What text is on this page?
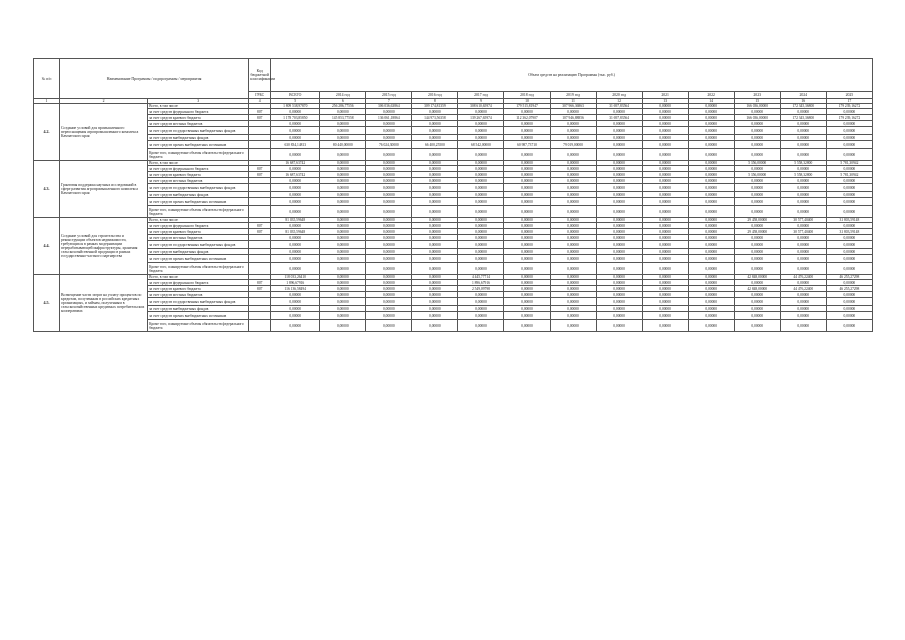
№ п/п	Наименование Программы / подпрограммы / мероприятия		Код бюджетной классификации	Объем средств на реализацию Программы (тыс. руб.)												
			ГРБС	ВСЕГО	2014 год	2015 год	2016 год	2017 год	2018 год	2019 год	2020 год	2021	2022	2023	2024	2025
1	2	3	4	5	6	7	8	9	10	11	12	13	14	15	16	17
4.2.	Создание условий для промышленного переоснащения агропромышленного комплекса Камчатского края	Всего, в том числе:		1 809 538,97870	256 286,77556	306 036,63864	309 174,81359	308 610,65974	179 515,81947	307 966,36863	31 697,83564	0,00000	0,00000	166 036,00000	172 345,36800	179 239,16272
		за счет средств федерального бюджета	807	0,00000	0,00000	0,00000	0,00000	0,00000	0,00000	0,00000	0,00000	0,00000	0,00000	0,00000	0,00000	0,00000
		за счет средств краевого бюджета	807	1 178 703,85850	145 853,77558	136 061,18864	144 973,56358	139 267,65974	112 362,07907	107 946,88856	31 697,83564	0,00000	0,00000	166 036,00000	172 345,36800	179 239,16272
		за счет средств местных бюджетов		0,00000	0,00000	0,00000	0,00000	0,00000	0,00000	0,00000	0,00000	0,00000	0,00000	0,00000	0,00000	0,00000
		за счет средств государственных внебюджетных фондов		0,00000	0,00000	0,00000	0,00000	0,00000	0,00000	0,00000	0,00000	0,00000	0,00000	0,00000	0,00000	0,00000
		за счет средств внебюджетных фондов		0,00000	0,00000	0,00000	0,00000	0,00000	0,00000	0,00000	0,00000	0,00000	0,00000	0,00000	0,00000	0,00000
		за счет средств прочих внебюджетных источников		630 834,14813	80 440,00000	76 024,30000	66 400,25500	68 542,00000	60 987,73710	79 019,00000	0,00000	0,00000	0,00000	0,00000	0,00000	0,00000
		Кроме того, планируемые объемы обязательств федерального бюджета		0,00000	0,00000	0,00000	0,00000	0,00000	0,00000	0,00000	0,00000	0,00000	0,00000	0,00000	0,00000	0,00000
4.3.	Грантовая поддержка научных исследований в сфере развития агропромышленного комплекса Камчатского края	Всего, в том числе:		16 687,63742	0,00000	0,00000	0,00000	0,00000	0,00000	0,00000	0,00000	0,00000	0,00000	5 356,00000	5 558,32800	5 781,30942
		за счет средств федерального бюджета	807	0,00000	0,00000	0,00000	0,00000	0,00000	0,00000	0,00000	0,00000	0,00000	0,00000	0,00000	0,00000	0,00000
		за счет средств краевого бюджета	807	16 687,63742	0,00000	0,00000	0,00000	0,00000	0,00000	0,00000	0,00000	0,00000	0,00000	5 356,00000	5 558,32800	5 781,30942
		за счет средств местных бюджетов		0,00000	0,00000	0,00000	0,00000	0,00000	0,00000	0,00000	0,00000	0,00000	0,00000	0,00000	0,00000	0,00000
		за счет средств государственных внебюджетных фондов		0,00000	0,00000	0,00000	0,00000	0,00000	0,00000	0,00000	0,00000	0,00000	0,00000	0,00000	0,00000	0,00000
		за счет средств внебюджетных фондов		0,00000	0,00000	0,00000	0,00000	0,00000	0,00000	0,00000	0,00000	0,00000	0,00000	0,00000	0,00000	0,00000
		за счет средств прочих внебюджетных источников		0,00000	0,00000	0,00000	0,00000	0,00000	0,00000	0,00000	0,00000	0,00000	0,00000	0,00000	0,00000	0,00000
		Кроме того, планируемые объемы обязательств федерального бюджета		0,00000	0,00000	0,00000	0,00000	0,00000	0,00000	0,00000	0,00000	0,00000	0,00000	0,00000	0,00000	0,00000
4.4.	Создание условий для строительства и реконструкции объектов недвижимости, требующихся в рамках модернизации перерабатывающей инфраструктуры, хранения сельскохозяйственной продукции в рамках государственно-частного партнерства	Всего, в том числе:		81 035,59648	0,00000	0,00000	0,00000	0,00000	0,00000	0,00000	0,00000	0,00000	0,00000	29 458,00000	30 577,40400	31 803,59148
		за счет средств федерального бюджета	807	0,00000	0,00000	0,00000	0,00000	0,00000	0,00000	0,00000	0,00000	0,00000	0,00000	0,00000	0,00000	0,00000
		за счет средств краевого бюджета	807	81 035,59648	0,00000	0,00000	0,00000	0,00000	0,00000	0,00000	0,00000	0,00000	0,00000	29 458,00000	30 577,40400	31 803,59148
		за счет средств местных бюджетов		0,00000	0,00000	0,00000	0,00000	0,00000	0,00000	0,00000	0,00000	0,00000	0,00000	0,00000	0,00000	0,00000
		за счет средств государственных внебюджетных фондов		0,00000	0,00000	0,00000	0,00000	0,00000	0,00000	0,00000	0,00000	0,00000	0,00000	0,00000	0,00000	0,00000
		за счет средств внебюджетных фондов		0,00000	0,00000	0,00000	0,00000	0,00000	0,00000	0,00000	0,00000	0,00000	0,00000	0,00000	0,00000	0,00000
		за счет средств прочих внебюджетных источников		0,00000	0,00000	0,00000	0,00000	0,00000	0,00000	0,00000	0,00000	0,00000	0,00000	0,00000	0,00000	0,00000
		Кроме того, планируемые объемы обязательств федерального бюджета		0,00000	0,00000	0,00000	0,00000	0,00000	0,00000	0,00000	0,00000	0,00000	0,00000	0,00000	0,00000	0,00000
4.5.	Возмещение части затрат на уплату процентов по кредитам, полученным в российских кредитных организациях, и займам, полученным в сельскохозяйственных кредитных потребительских кооперативах	Всего, в том числе:		118 033,26410	0,00000	0,00000	0,00000	4 445,77714	0,00000	0,00000	0,00000	0,00000	0,00000	42 848,00000	44 476,22400	46 255,27298
		за счет средств федерального бюджета	807	1 896,67916	0,00000	0,00000	0,00000	1 896,67916	0,00000	0,00000	0,00000	0,00000	0,00000	0,00000	0,00000	0,00000
		за счет средств краевого бюджета	807	116 136,58494	0,00000	0,00000	0,00000	2 549,09798	0,00000	0,00000	0,00000	0,00000	0,00000	42 848,00000	44 476,22400	46 255,27298
		за счет средств местных бюджетов		0,00000	0,00000	0,00000	0,00000	0,00000	0,00000	0,00000	0,00000	0,00000	0,00000	0,00000	0,00000	0,00000
		за счет средств государственных внебюджетных фондов		0,00000	0,00000	0,00000	0,00000	0,00000	0,00000	0,00000	0,00000	0,00000	0,00000	0,00000	0,00000	0,00000
		за счет средств внебюджетных фондов		0,00000	0,00000	0,00000	0,00000	0,00000	0,00000	0,00000	0,00000	0,00000	0,00000	0,00000	0,00000	0,00000
		за счет средств прочих внебюджетных источников		0,00000	0,00000	0,00000	0,00000	0,00000	0,00000	0,00000	0,00000	0,00000	0,00000	0,00000	0,00000	0,00000
		Кроме того, планируемые объемы обязательств федерального бюджета		0,00000	0,00000	0,00000	0,00000	0,00000	0,00000	0,00000	0,00000	0,00000	0,00000	0,00000	0,00000	0,00000
